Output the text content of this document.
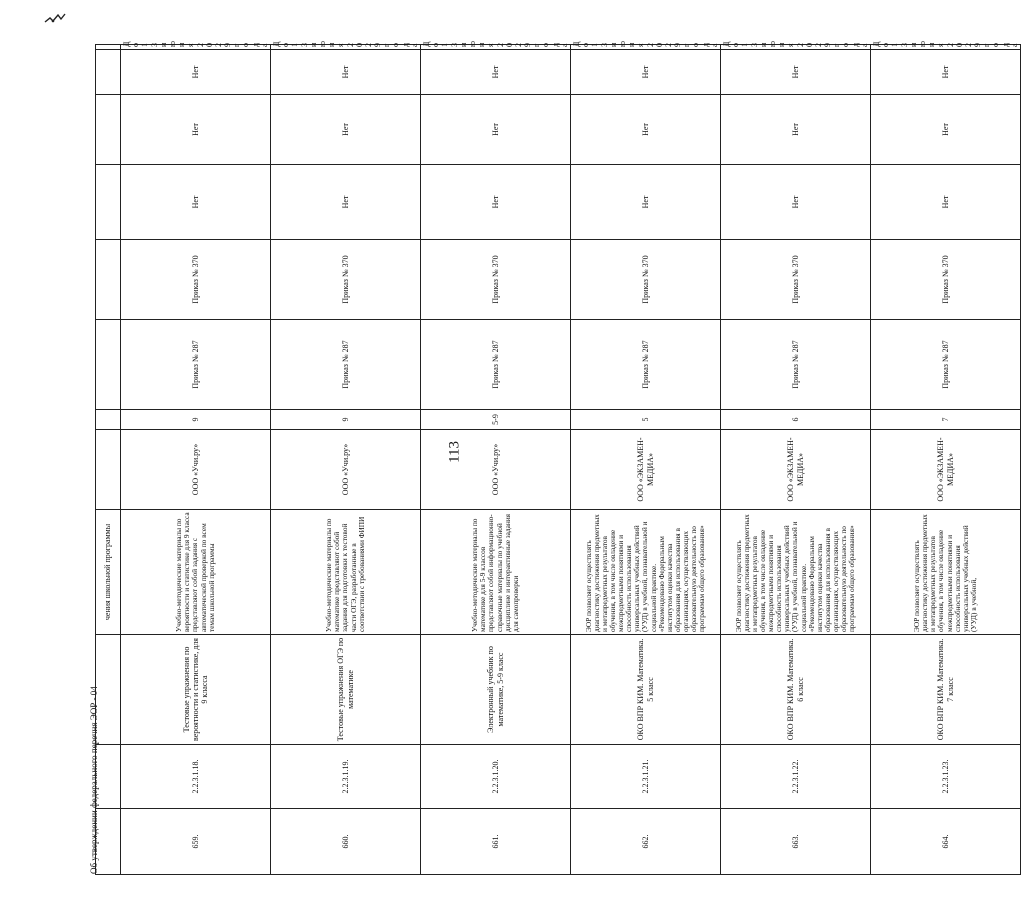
113
Об утверждении федерального перечня ЭОР - 04
			чения школьной программы								
659.	2.2.3.1.18.	Тестовые упражнения по вероятности и статистике, для 9 класса	Учебно-методические материалы по вероятности и статистике для 9 класса представляют собой задания с автоматической проверкой по всем темам школьной программы	ООО «Учи.ру»	9	Приказ № 287	Приказ № 370	Нет	Нет	Нет	До 13 июня 2029 года
660.	2.2.3.1.19.	Тестовые упражнения ОГЭ по математике	Учебно-методические материалы по математике представляют собой задания для подготовки к тестовой части ОГЭ, разработанные в соответствии с требованиями ФИПИ	ООО «Учи.ру»	9	Приказ № 287	Приказ № 370	Нет	Нет	Нет	До 13 июня 2029 года
661.	2.2.3.1.20.	Электронный учебник по математике, 5-9 класс	Учебно-методические материалы по математике для 5-9 классов представляют собой информационно-справочные материалы по учебной дисциплине и интерактивные задания для самопроверки	ООО «Учи.ру»	5-9	Приказ № 287	Приказ № 370	Нет	Нет	Нет	До 13 июня 2029 года
662.	2.2.3.1.21.	ОКО ВПР КИМ. Математика. 5 класс	ЭОР позволяет осуществлять диагностику достижения предметных и метапредметных результатов обучения, в том числе овладение межпредметными понятиями и способность использования универсальных учебных действий (УУД) в учебной, познавательной и социальной практике. «Рекомендовано Федеральным институтом оценки качества образования для использования в организациях, осуществляющих образовательную деятельность по программам общего образования»	ООО «ЭКЗАМЕН-МЕДИА»	5	Приказ № 287	Приказ № 370	Нет	Нет	Нет	До 13 июня 2029 года
663.	2.2.3.1.22.	ОКО ВПР КИМ. Математика. 6 класс	ЭОР позволяет осуществлять диагностику достижения предметных и метапредметных результатов обучения, в том числе овладение межпредметными понятиями и способность использования универсальных учебных действий (УУД) в учебной, познавательной и социальной практике. «Рекомендовано Федеральным институтом оценки качества образования для использования в организациях, осуществляющих образовательную деятельность по программам общего образования»	ООО «ЭКЗАМЕН-МЕДИА»	6	Приказ № 287	Приказ № 370	Нет	Нет	Нет	До 13 июня 2029 года
664.	2.2.3.1.23.	ОКО ВПР КИМ. Математика. 7 класс	ЭОР позволяет осуществлять диагностику достижения предметных и метапредметных результатов обучения, в том числе овладение межпредметными понятиями и способность использования универсальных учебных действий (УУД) в учебной,	ООО «ЭКЗАМЕН-МЕДИА»	7	Приказ № 287	Приказ № 370	Нет	Нет	Нет	До 13 июня 2029 года
